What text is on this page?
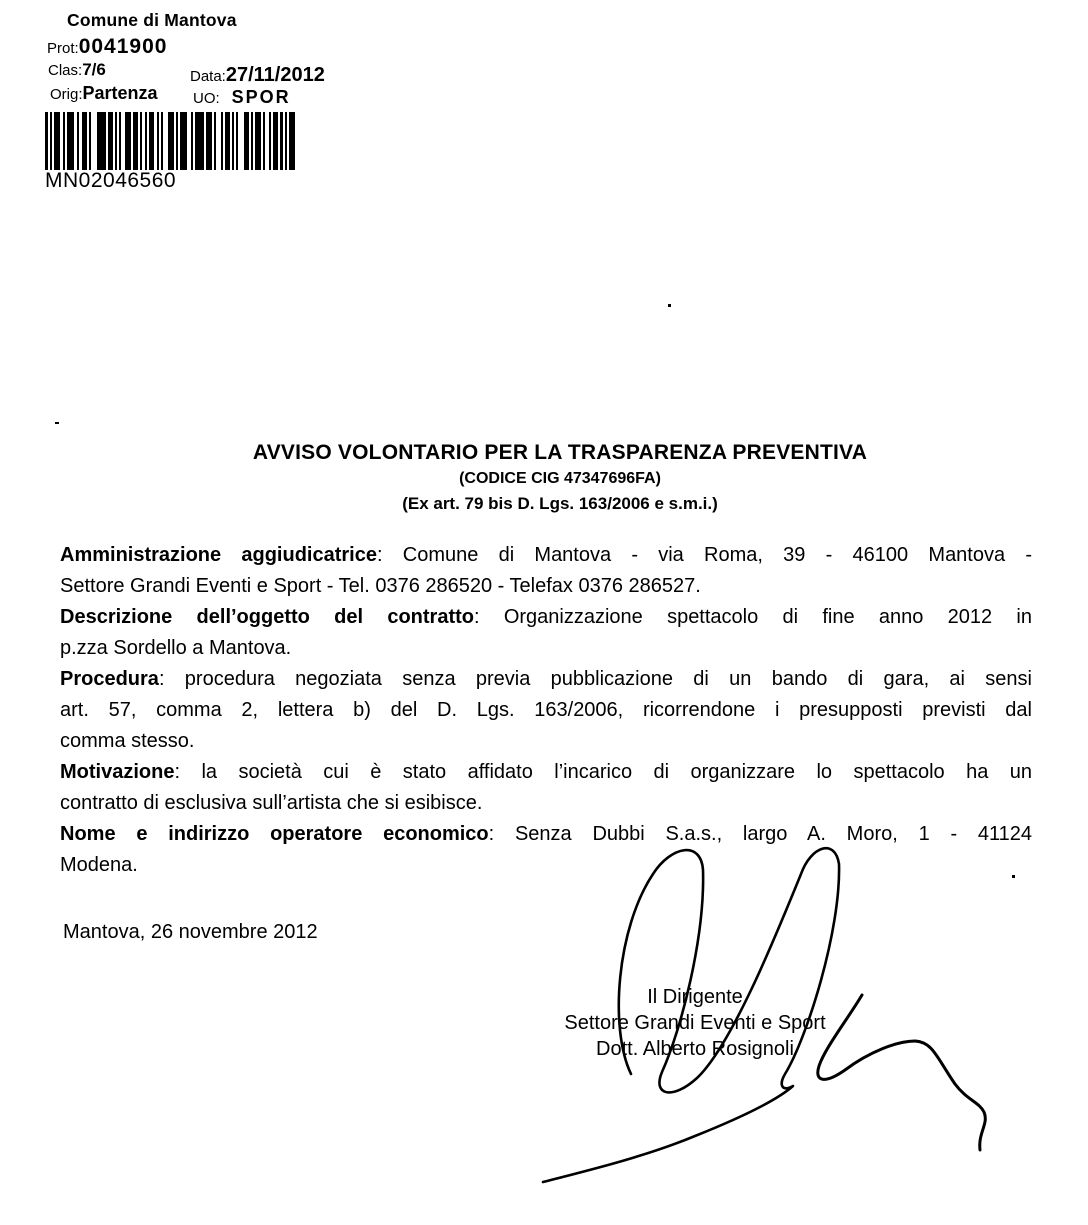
Comune di Mantova
Prot:0041900
Clas:7/6	Data:27/11/2012
Orig:Partenza UO: SPOR
MN02046560
AVVISO VOLONTARIO PER LA TRASPARENZA PREVENTIVA
(CODICE CIG 47347696FA)
(Ex art. 79 bis D. Lgs. 163/2006 e s.m.i.)
Amministrazione aggiudicatrice: Comune di Mantova - via Roma, 39 - 46100 Mantova -
Settore Grandi Eventi e Sport - Tel. 0376 286520 - Telefax 0376 286527.
Descrizione dell’oggetto del contratto: Organizzazione spettacolo di fine anno 2012 in
p.zza Sordello a Mantova.
Procedura: procedura negoziata senza previa pubblicazione di un bando di gara, ai sensi
art. 57, comma 2, lettera b) del D. Lgs. 163/2006, ricorrendone i presupposti previsti dal
comma stesso.
Motivazione: la società cui è stato affidato l’incarico di organizzare lo spettacolo ha un
contratto di esclusiva sull’artista che si esibisce.
Nome e indirizzo operatore economico: Senza Dubbi S.a.s., largo A. Moro, 1 - 41124
Modena.
Mantova, 26 novembre 2012
Il Dirigente
Settore Grandi Eventi e Sport
Dott. Alberto Rosignoli
